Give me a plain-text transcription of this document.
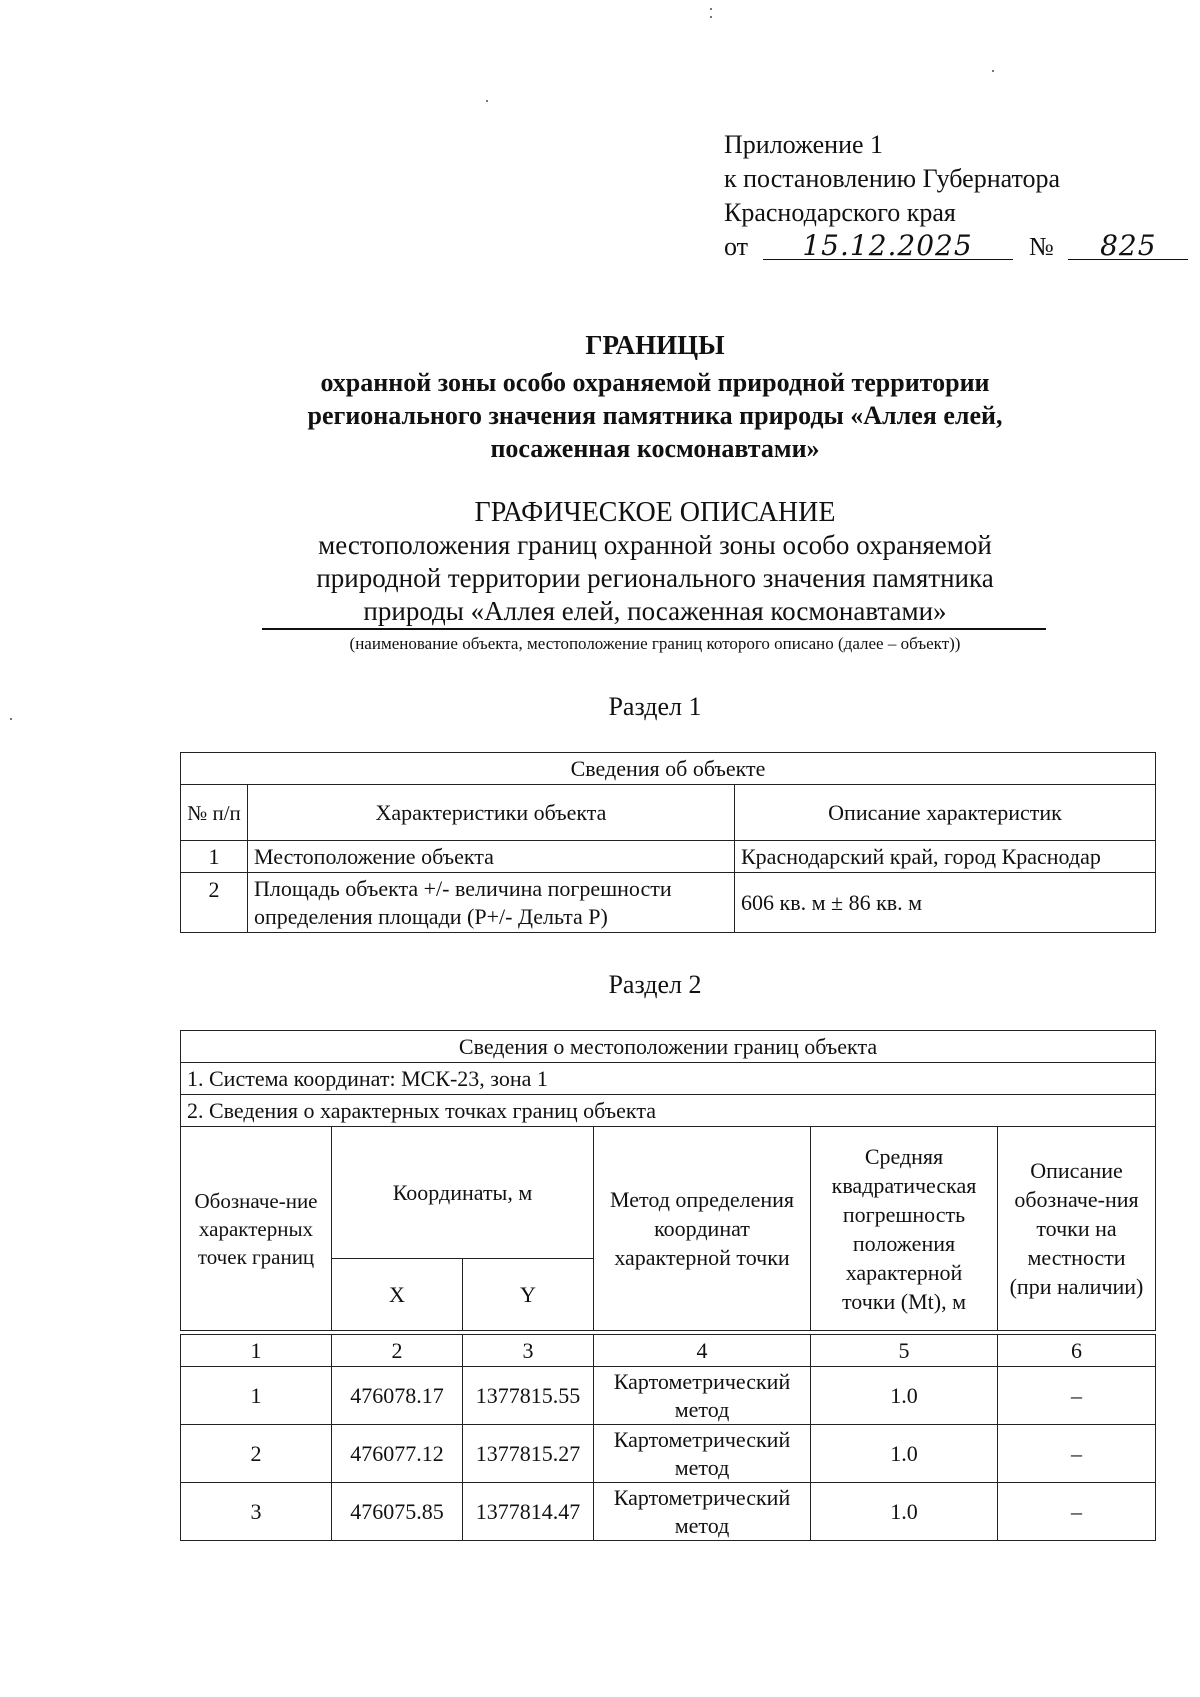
Приложение 1
к постановлению Губернатора
Краснодарского края
от 15.12.2025 № 825
ГРАНИЦЫ
охранной зоны особо охраняемой природной территории
регионального значения памятника природы «Аллея елей,
посаженная космонавтами»
ГРАФИЧЕСКОЕ ОПИСАНИЕ
местоположения границ охранной зоны особо охраняемой
природной территории регионального значения памятника
природы «Аллея елей, посаженная космонавтами»
(наименование объекта, местоположение границ которого описано (далее – объект))
Раздел 1
Сведения об объекте		
№ п/п	Характеристики объекта	Описание характеристик
1	Местоположение объекта	Краснодарский край, город Краснодар
2	Площадь объекта +/- величина погрешности определения площади (P+/- Дельта P)	606 кв. м ± 86 кв. м
Раздел 2
Сведения о местоположении границ объекта					
1. Система координат: МСК-23, зона 1					
2. Сведения о характерных точках границ объекта					
Обозначе-ние характерных точек границ	Координаты, м		Метод определения координат характерной точки	Средняя квадратическая погрешность положения характерной точки (Mt), м	Описание обозначе-ния точки на местности (при наличии)
	X	Y			
1	2	3	4	5	6
1	476078.17	1377815.55	Картометрический метод	1.0	–
2	476077.12	1377815.27	Картометрический метод	1.0	–
3	476075.85	1377814.47	Картометрический метод	1.0	–
